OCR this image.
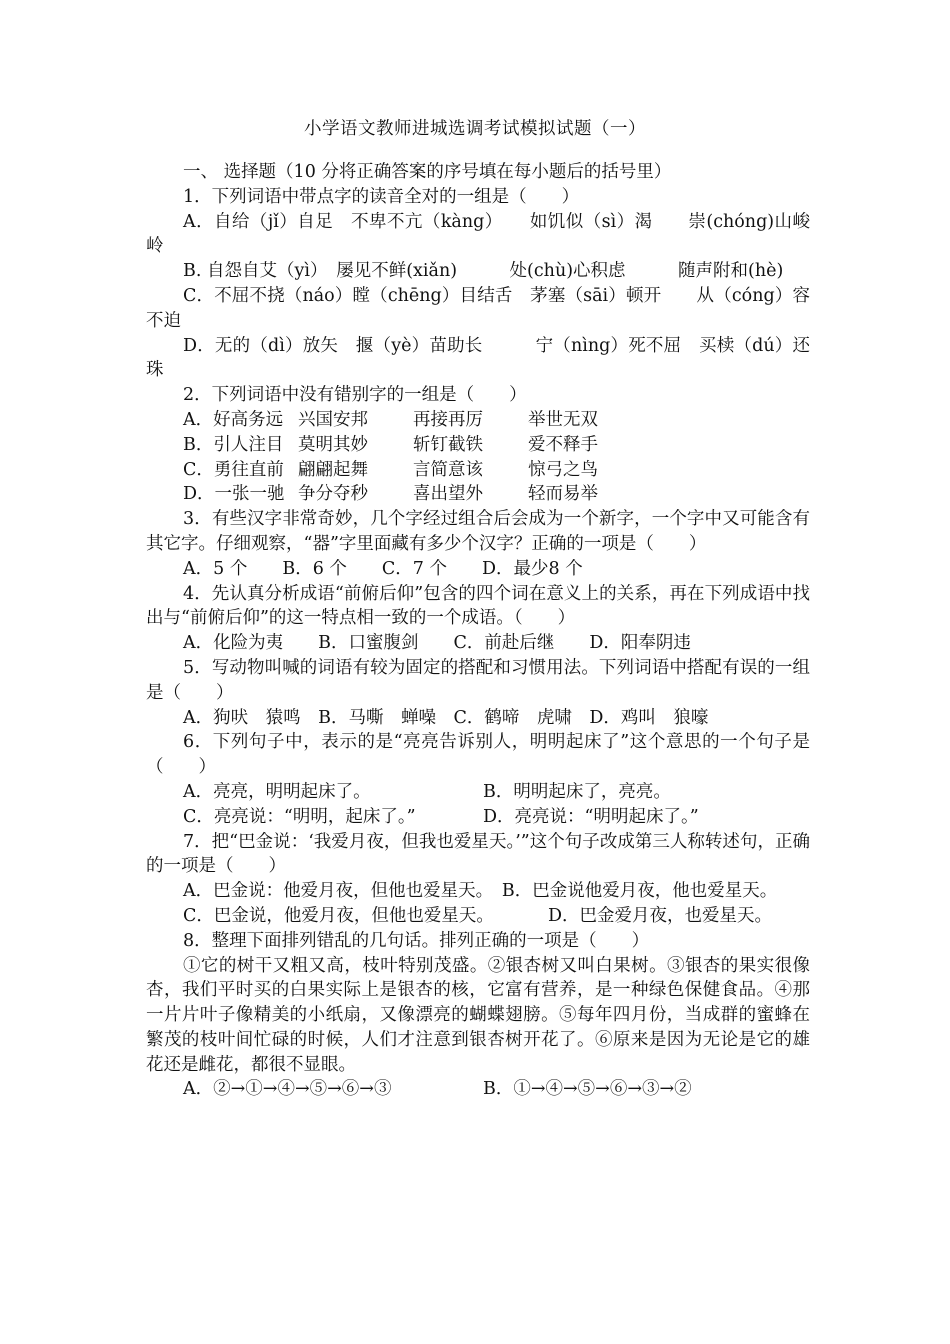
小学语文教师进城选调考试模拟试题（一）

一、 选择题（10 分将正确答案的序号填在每小题后的括号里）

1．下列词语中带点字的读音全对的一组是（　　）

A．自给（jǐ）自足　不卑不亢（kàng）　　如饥似（sì）渴　　崇(chóng)山峻岭

B. 自怨自艾（yì）　屡见不鲜(xiǎn)　　　处(chù)心积虑　　　随声附和(hè)

C．不屈不挠（náo）瞠（chēng）目结舌　茅塞（sāi）顿开　　从（cóng）容不迫

D．无的（dì）放矢　揠（yè）苗助长　　　宁（nìng）死不屈　买椟（dú）还珠

2．下列词语中没有错别字的一组是（　　）

A．好高务远 兴国安邦	再接再厉	举世无双
B．引人注目 莫明其妙	斩钉截铁	爱不释手
C．勇往直前 翩翩起舞	言简意该	惊弓之鸟
D．一张一驰 争分夺秒	喜出望外	轻而易举

3．有些汉字非常奇妙，几个字经过组合后会成为一个新字，一个字中又可能含有其它字。仔细观察，“器”字里面藏有多少个汉字？正确的一项是（　　）

A．5 个　　B．6 个　　C．7 个　　D．最少8 个

4．先认真分析成语“前俯后仰”包含的四个词在意义上的关系，再在下列成语中找出与“前俯后仰”的这一特点相一致的一个成语。（　　）

A．化险为夷　　B．口蜜腹剑　　C．前赴后继　　D．阳奉阴违

5．写动物叫喊的词语有较为固定的搭配和习惯用法。下列词语中搭配有误的一组是（　　）

A．狗吠　猿鸣　B．马嘶　蝉噪　C．鹤啼　虎啸　D．鸡叫　狼嚎

6．下列句子中，表示的是“亮亮告诉别人，明明起床了”这个意思的一个句子是（　　）

A．亮亮，明明起床了。	B．明明起床了，亮亮。
C．亮亮说：“明明，起床了。”	D．亮亮说：“明明起床了。”

7．把“巴金说：‘我爱月夜，但我也爱星天。’”这个句子改成第三人称转述句，正确的一项是（　　）

A．巴金说：他爱月夜，但他也爱星天。　B．巴金说他爱月夜，他也爱星天。

C．巴金说，他爱月夜，但他也爱星天。	D．巴金爱月夜，也爱星天。

8．整理下面排列错乱的几句话。排列正确的一项是（　　）

①它的树干又粗又高，枝叶特别茂盛。②银杏树又叫白果树。③银杏的果实很像杏，我们平时买的白果实际上是银杏的核，它富有营养，是一种绿色保健食品。④那一片片叶子像精美的小纸扇，又像漂亮的蝴蝶翅膀。⑤每年四月份，当成群的蜜蜂在繁茂的枝叶间忙碌的时候，人们才注意到银杏树开花了。⑥原来是因为无论是它的雄花还是雌花，都很不显眼。

A．②→①→④→⑤→⑥→③	B．①→④→⑤→⑥→③→②
